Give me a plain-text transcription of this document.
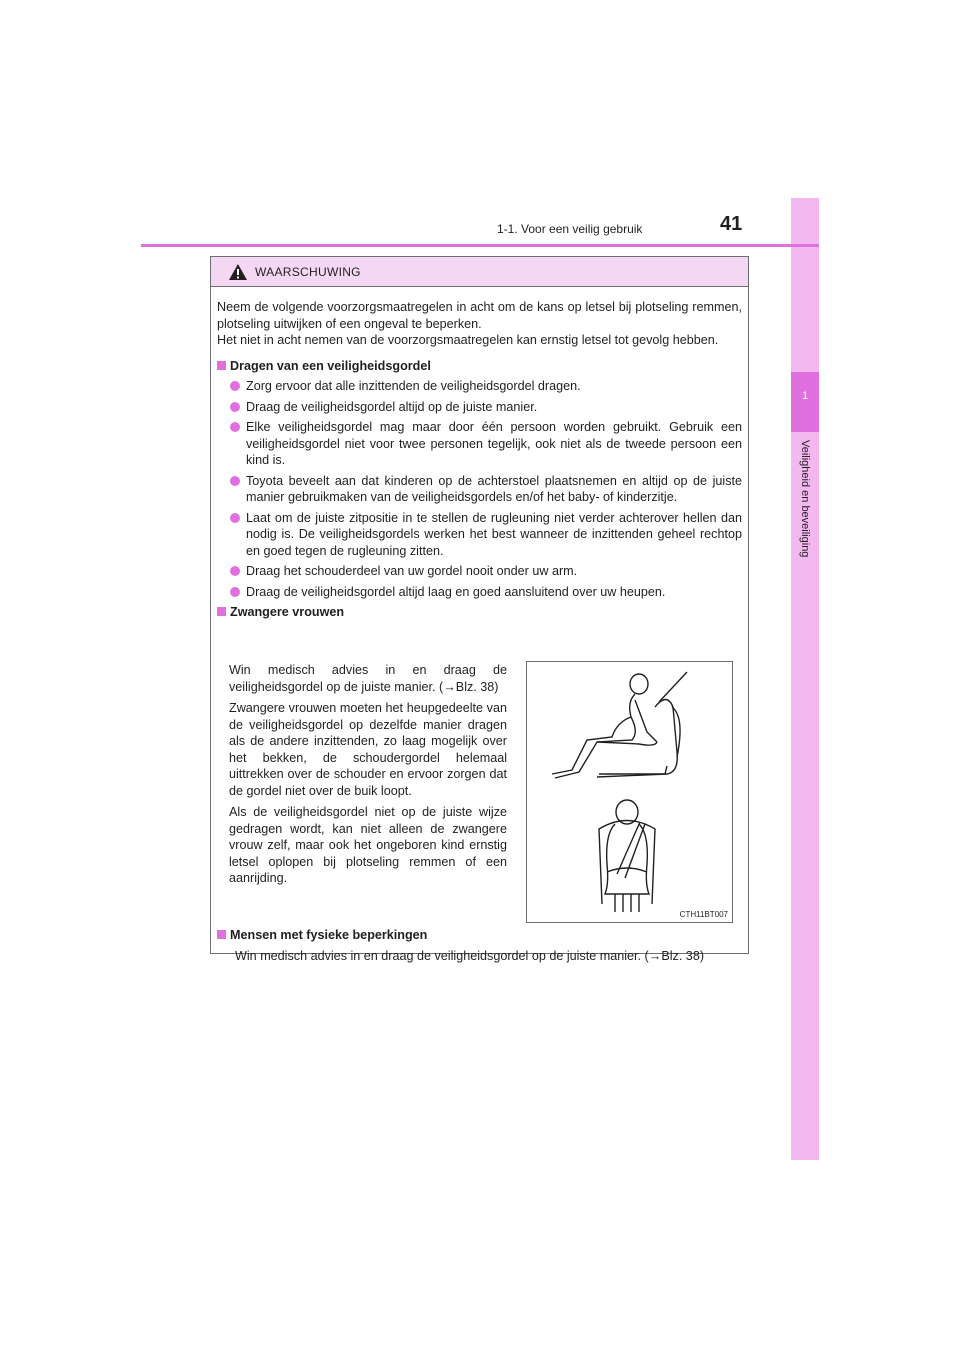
1
Veiligheid en beveiliging
1-1. Voor een veilig gebruik	41
WAARSCHUWING

Neem de volgende voorzorgsmaatregelen in acht om de kans op letsel bij plotseling remmen, plotseling uitwijken of een ongeval te beperken.

Het niet in acht nemen van de voorzorgsmaatregelen kan ernstig letsel tot gevolg hebben.

Dragen van een veiligheidsgordel
Zorg ervoor dat alle inzittenden de veiligheidsgordel dragen.
Draag de veiligheidsgordel altijd op de juiste manier.
Elke veiligheidsgordel mag maar door één persoon worden gebruikt. Gebruik een veiligheidsgordel niet voor twee personen tegelijk, ook niet als de tweede persoon een kind is.
Toyota beveelt aan dat kinderen op de achterstoel plaatsnemen en altijd op de juiste manier gebruikmaken van de veiligheidsgordels en/of het baby- of kinderzitje.
Laat om de juiste zitpositie in te stellen de rugleuning niet verder achterover hellen dan nodig is. De veiligheidsgordels werken het best wanneer de inzittenden geheel rechtop en goed tegen de rugleuning zitten.
Draag het schouderdeel van uw gordel nooit onder uw arm.
Draag de veiligheidsgordel altijd laag en goed aansluitend over uw heupen.
Zwangere vrouwen

Win medisch advies in en draag de veiligheidsgordel op de juiste manier. (→Blz. 38)

Zwangere vrouwen moeten het heupgedeelte van de veiligheidsgordel op dezelfde manier dragen als de andere inzittenden, zo laag mogelijk over het bekken, de schoudergordel helemaal uittrekken over de schouder en ervoor zorgen dat de gordel niet over de buik loopt.

Als de veiligheidsgordel niet op de juiste wijze gedragen wordt, kan niet alleen de zwangere vrouw zelf, maar ook het ongeboren kind ernstig letsel oplopen bij plotseling remmen of een aanrijding.

CTH11BT007
Mensen met fysieke beperkingen
Win medisch advies in en draag de veiligheidsgordel op de juiste manier. (→Blz. 38)
